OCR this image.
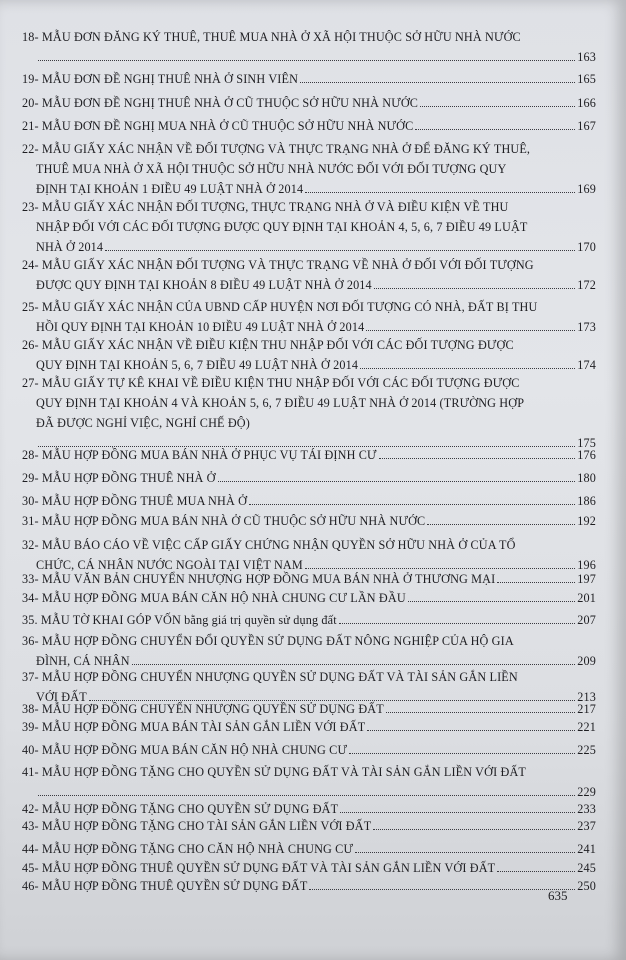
18- MẪU ĐƠN ĐĂNG KÝ THUÊ, THUÊ MUA NHÀ Ở XÃ HỘI THUỘC SỞ HỮU NHÀ NƯỚC
163
19- MẪU ĐƠN ĐỀ NGHỊ THUÊ NHÀ Ở SINH VIÊN	165
20- MẪU ĐƠN ĐỀ NGHỊ THUÊ NHÀ Ở CŨ THUỘC SỞ HỮU NHÀ NƯỚC	166
21- MẪU ĐƠN ĐỀ NGHỊ MUA NHÀ Ở CŨ THUỘC SỞ HỮU NHÀ NƯỚC	167
22- MẪU GIẤY XÁC NHẬN VỀ ĐỐI TƯỢNG VÀ THỰC TRẠNG NHÀ Ở ĐỂ ĐĂNG KÝ THUÊ,
THUÊ MUA NHÀ Ở XÃ HỘI THUỘC SỞ HỮU NHÀ NƯỚC ĐỐI VỚI ĐỐI TƯỢNG QUY
ĐỊNH TẠI KHOẢN 1 ĐIỀU 49 LUẬT NHÀ Ở 2014	169
23- MẪU GIẤY XÁC NHẬN ĐỐI TƯỢNG, THỰC TRẠNG NHÀ Ở VÀ ĐIỀU KIỆN VỀ THU
NHẬP ĐỐI VỚI CÁC ĐỐI TƯỢNG ĐƯỢC QUY ĐỊNH TẠI KHOẢN 4, 5, 6, 7 ĐIỀU 49 LUẬT
NHÀ Ở 2014	170
24- MẪU GIẤY XÁC NHẬN ĐỐI TƯỢNG VÀ THỰC TRẠNG VỀ NHÀ Ở ĐỐI VỚI ĐỐI TƯỢNG
ĐƯỢC QUY ĐỊNH TẠI KHOẢN 8 ĐIỀU 49 LUẬT NHÀ Ở 2014	172
25- MẪU GIẤY XÁC NHẬN CỦA UBND CẤP HUYỆN NƠI ĐỐI TƯỢNG CÓ NHÀ, ĐẤT BỊ THU
HỒI QUY ĐỊNH TẠI KHOẢN 10 ĐIỀU 49 LUẬT NHÀ Ở 2014	173
26- MẪU GIẤY XÁC NHẬN VỀ ĐIỀU KIỆN THU NHẬP ĐỐI VỚI CÁC ĐỐI TƯỢNG ĐƯỢC
QUY ĐỊNH TẠI KHOẢN 5, 6, 7 ĐIỀU 49 LUẬT NHÀ Ở 2014	174
27- MẪU GIẤY TỰ KÊ KHAI VỀ ĐIỀU KIỆN THU NHẬP ĐỐI VỚI CÁC ĐỐI TƯỢNG ĐƯỢC
QUY ĐỊNH TẠI KHOẢN 4 VÀ KHOẢN 5, 6, 7 ĐIỀU 49 LUẬT NHÀ Ở 2014 (TRƯỜNG HỢP
ĐÃ ĐƯỢC NGHỈ VIỆC, NGHỈ CHẾ ĐỘ)
175
28- MẪU HỢP ĐỒNG MUA BÁN NHÀ Ở PHỤC VỤ TÁI ĐỊNH CƯ	176
29- MẪU HỢP ĐỒNG THUÊ NHÀ Ở	180
30- MẪU HỢP ĐỒNG THUÊ MUA NHÀ Ở	186
31- MẪU HỢP ĐỒNG MUA BÁN NHÀ Ở CŨ THUỘC SỞ HỮU NHÀ NƯỚC	192
32- MẪU BÁO CÁO VỀ VIỆC CẤP GIẤY CHỨNG NHẬN QUYỀN SỞ HỮU NHÀ Ở CỦA TỔ
CHỨC, CÁ NHÂN NƯỚC NGOÀI TẠI VIỆT NAM	196
33- MẪU VĂN BẢN CHUYỂN NHƯỢNG HỢP ĐỒNG MUA BÁN NHÀ Ở THƯƠNG MẠI	197
34- MẪU HỢP ĐỒNG MUA BÁN CĂN HỘ NHÀ CHUNG CƯ LẦN ĐẦU	201
35. MẪU TỜ KHAI GÓP VỐN bằng giá trị quyền sử dụng đất	207
36- MẪU HỢP ĐỒNG CHUYỂN ĐỔI QUYỀN SỬ DỤNG ĐẤT NÔNG NGHIỆP CỦA HỘ GIA
ĐÌNH, CÁ NHÂN	209
37- MẪU HỢP ĐỒNG CHUYỂN NHƯỢNG QUYỀN SỬ DỤNG ĐẤT VÀ TÀI SẢN GẮN LIỀN
VỚI ĐẤT	213
38- MẪU HỢP ĐỒNG CHUYỂN NHƯỢNG QUYỀN SỬ DỤNG ĐẤT	217
39- MẪU HỢP ĐỒNG MUA BÁN TÀI SẢN GẮN LIỀN VỚI ĐẤT	221
40- MẪU HỢP ĐỒNG MUA BÁN CĂN HỘ NHÀ CHUNG CƯ	225
41- MẪU HỢP ĐỒNG TẶNG CHO QUYỀN SỬ DỤNG ĐẤT VÀ TÀI SẢN GẮN LIỀN VỚI ĐẤT
229
42- MẪU HỢP ĐỒNG TẶNG CHO QUYỀN SỬ DỤNG ĐẤT	233
43- MẪU HỢP ĐỒNG TẶNG CHO TÀI SẢN GẮN LIỀN VỚI ĐẤT	237
44- MẪU HỢP ĐỒNG TẶNG CHO CĂN HỘ NHÀ CHUNG CƯ	241
45- MẪU HỢP ĐỒNG THUÊ QUYỀN SỬ DỤNG ĐẤT VÀ TÀI SẢN GẮN LIỀN VỚI ĐẤT	245
46- MẪU HỢP ĐỒNG THUÊ QUYỀN SỬ DỤNG ĐẤT	250
635
